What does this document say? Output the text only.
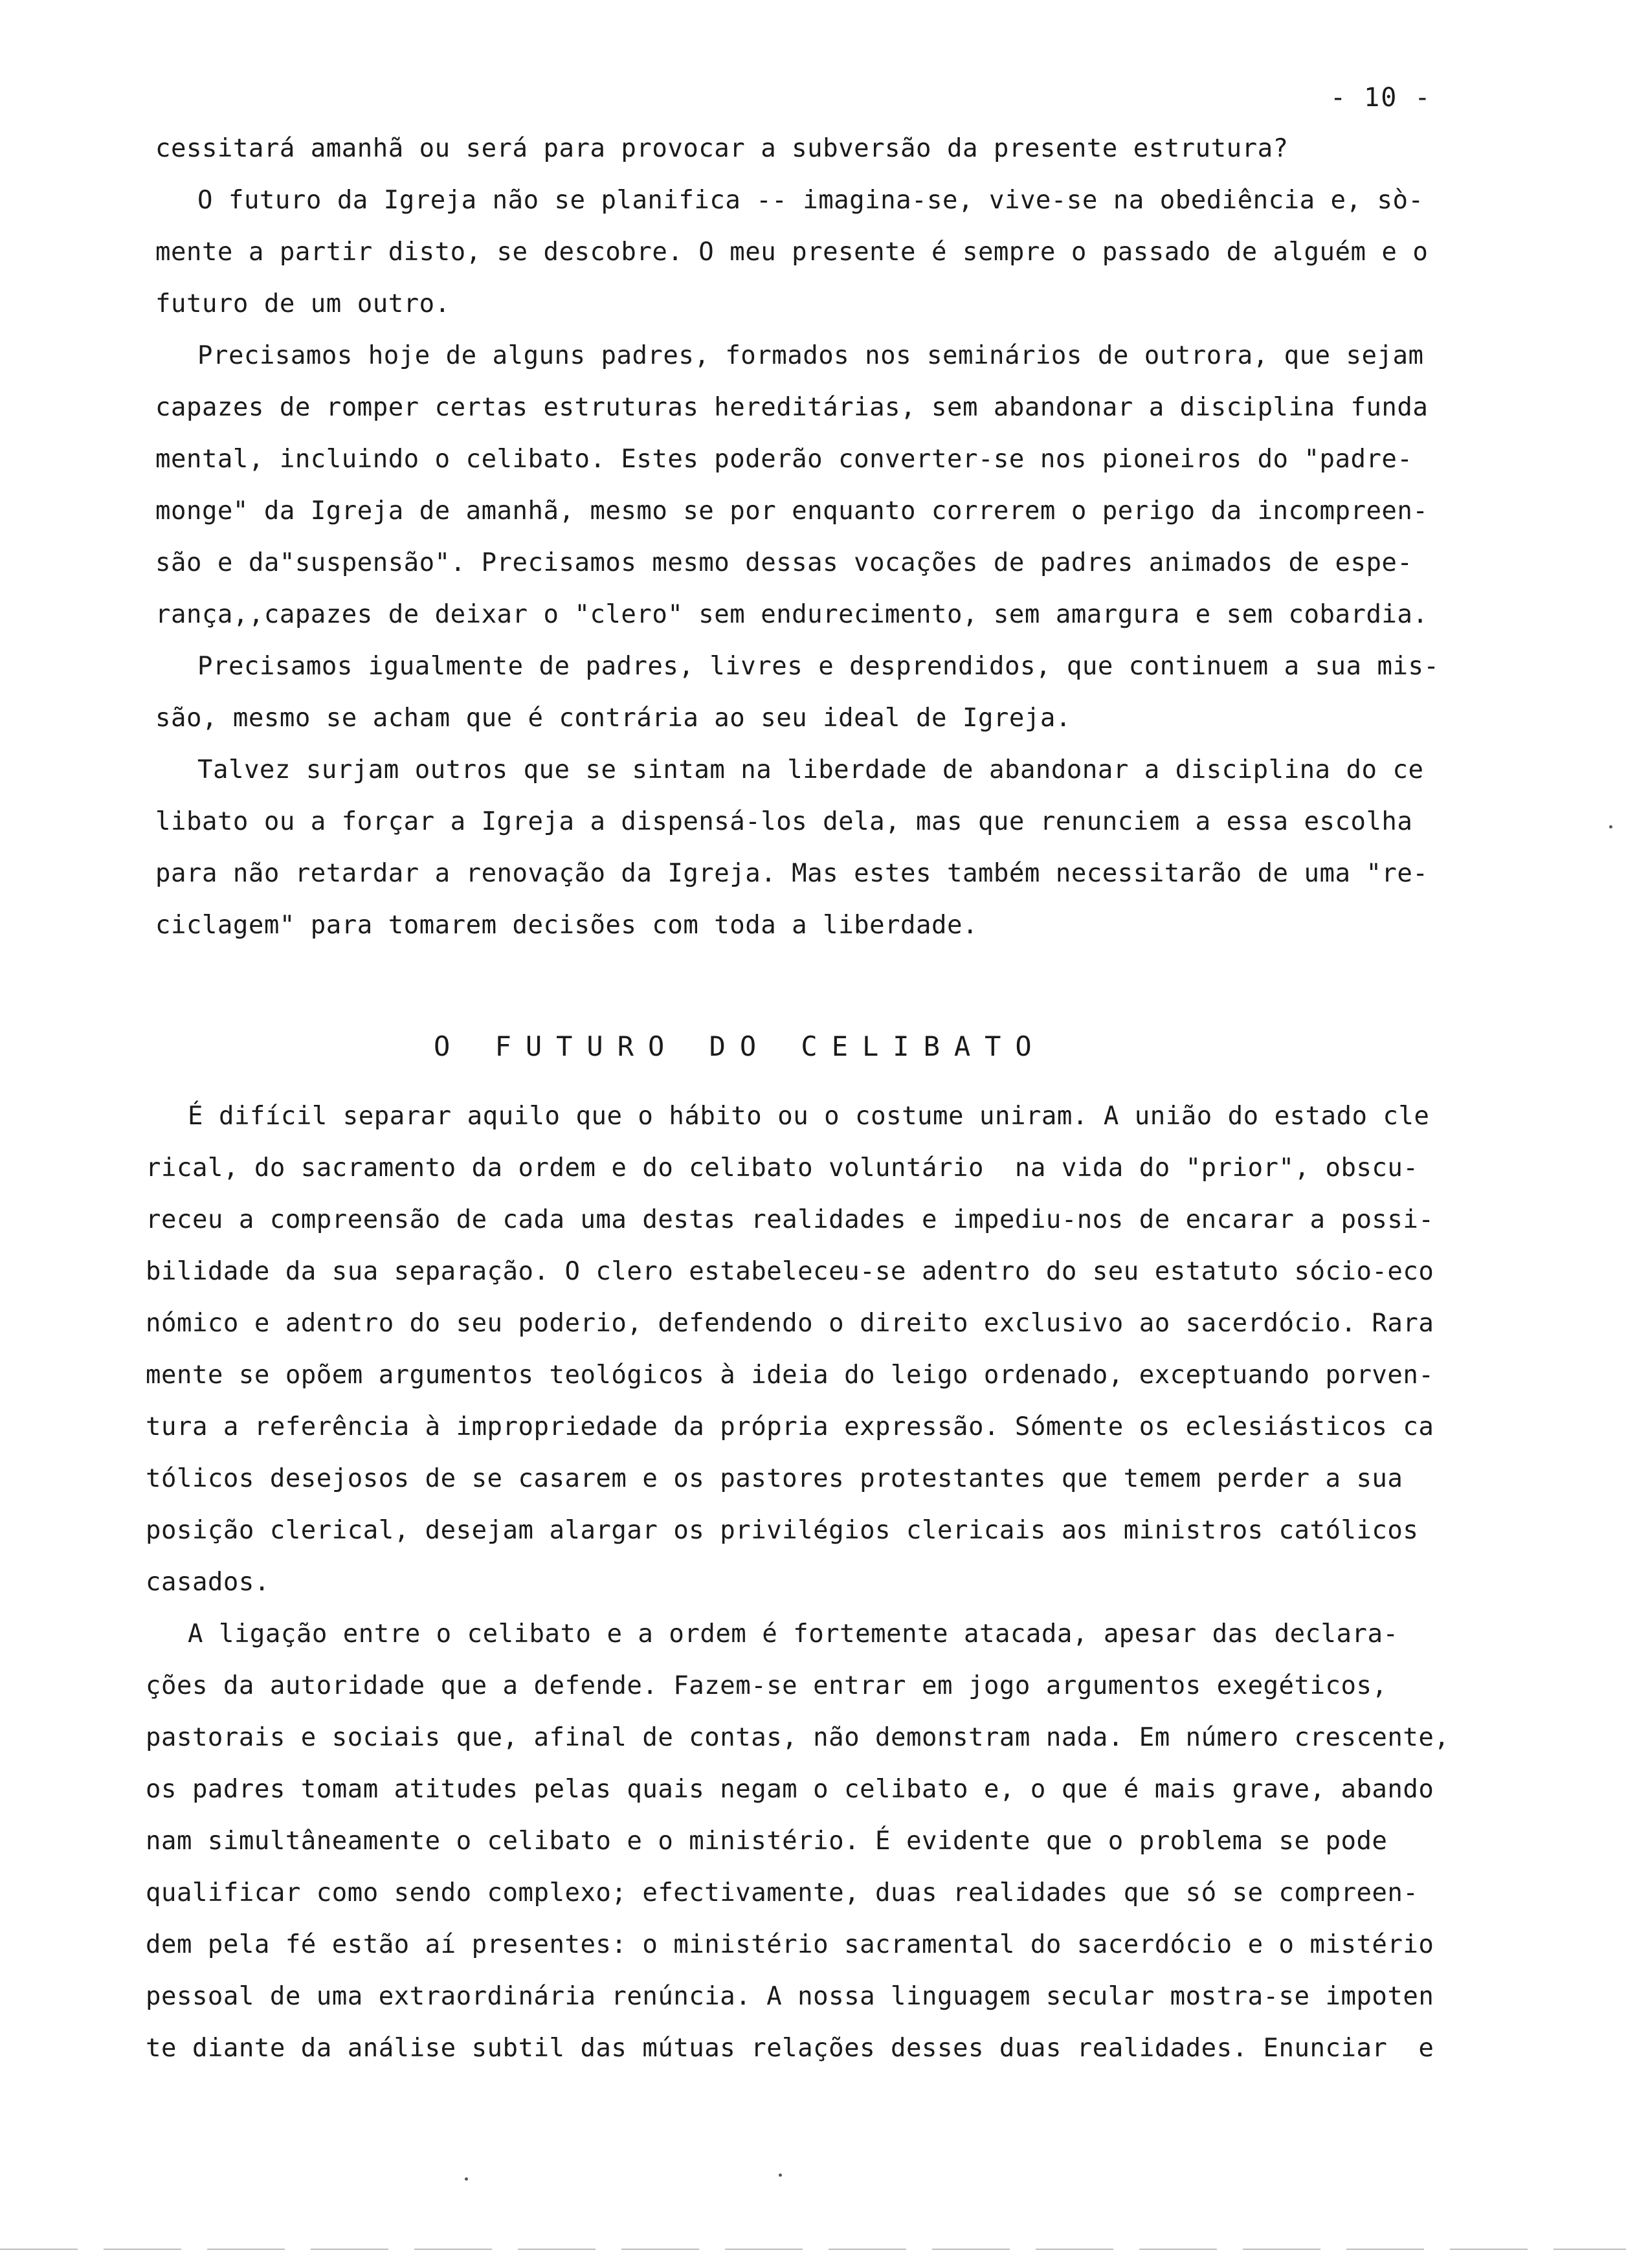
- 10 -
cessitará amanhã ou será para provocar a subversão da presente estrutura?
O futuro da Igreja não se planifica -- imagina-se, vive-se na obediência e, sò-
mente a partir disto, se descobre. O meu presente é sempre o passado de alguém e o
futuro de um outro.
Precisamos hoje de alguns padres, formados nos seminários de outrora, que sejam
capazes de romper certas estruturas hereditárias, sem abandonar a disciplina funda
mental, incluindo o celibato. Estes poderão converter-se nos pioneiros do "padre-
monge" da Igreja de amanhã, mesmo se por enquanto correrem o perigo da incompreen-
são e da"suspensão". Precisamos mesmo dessas vocações de padres animados de espe-
rança,,capazes de deixar o "clero" sem endurecimento, sem amargura e sem cobardia.
Precisamos igualmente de padres, livres e desprendidos, que continuem a sua mis-
são, mesmo se acham que é contrária ao seu ideal de Igreja.
Talvez surjam outros que se sintam na liberdade de abandonar a disciplina do ce
libato ou a forçar a Igreja a dispensá-los dela, mas que renunciem a essa escolha
para não retardar a renovação da Igreja. Mas estes também necessitarão de uma "re-
ciclagem" para tomarem decisões com toda a liberdade.
O FUTURO DO CELIBATO
É difícil separar aquilo que o hábito ou o costume uniram. A união do estado cle
rical, do sacramento da ordem e do celibato voluntário  na vida do "prior", obscu-
receu a compreensão de cada uma destas realidades e impediu-nos de encarar a possi-
bilidade da sua separação. O clero estabeleceu-se adentro do seu estatuto sócio-eco
nómico e adentro do seu poderio, defendendo o direito exclusivo ao sacerdócio. Rara
mente se opõem argumentos teológicos à ideia do leigo ordenado, exceptuando porven-
tura a referência à impropriedade da própria expressão. Sómente os eclesiásticos ca
tólicos desejosos de se casarem e os pastores protestantes que temem perder a sua
posição clerical, desejam alargar os privilégios clericais aos ministros católicos
casados.
A ligação entre o celibato e a ordem é fortemente atacada, apesar das declara-
ções da autoridade que a defende. Fazem-se entrar em jogo argumentos exegéticos,
pastorais e sociais que, afinal de contas, não demonstram nada. Em número crescente,
os padres tomam atitudes pelas quais negam o celibato e, o que é mais grave, abando
nam simultâneamente o celibato e o ministério. É evidente que o problema se pode
qualificar como sendo complexo; efectivamente, duas realidades que só se compreen-
dem pela fé estão aí presentes: o ministério sacramental do sacerdócio e o mistério
pessoal de uma extraordinária renúncia. A nossa linguagem secular mostra-se impoten
te diante da análise subtil das mútuas relações desses duas realidades. Enunciar  e
